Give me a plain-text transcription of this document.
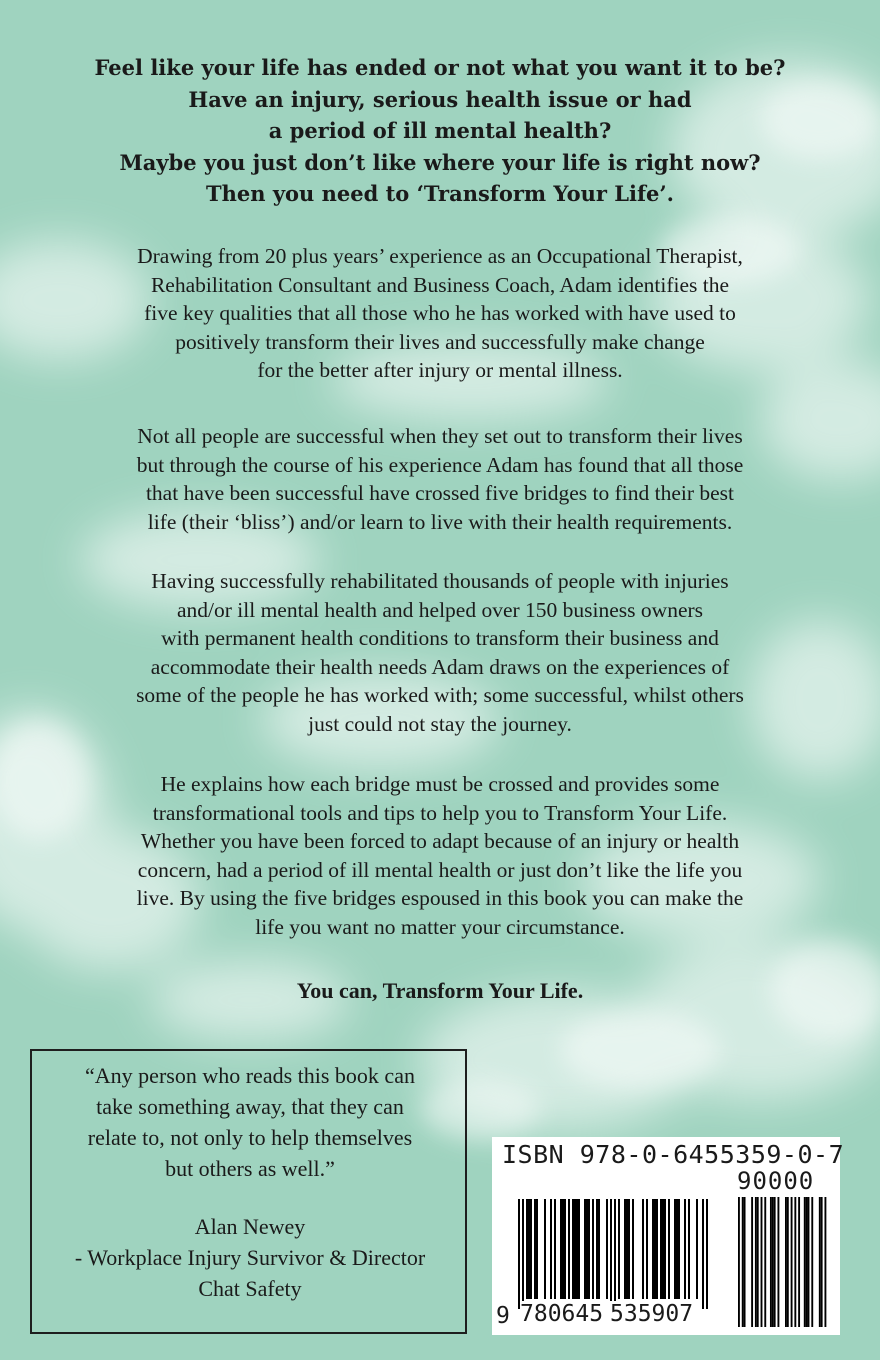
Feel like your life has ended or not what you want it to be?
Have an injury, serious health issue or had
a period of ill mental health?
Maybe you just don’t like where your life is right now?
Then you need to ‘Transform Your Life’.
Drawing from 20 plus years’ experience as an Occupational Therapist,
Rehabilitation Consultant and Business Coach, Adam identifies the
five key qualities that all those who he has worked with have used to
positively transform their lives and successfully make change
for the better after injury or mental illness.
Not all people are successful when they set out to transform their lives
but through the course of his experience Adam has found that all those
that have been successful have crossed five bridges to find their best
life (their ‘bliss’) and/or learn to live with their health requirements.
Having successfully rehabilitated thousands of people with injuries
and/or ill mental health and helped over 150 business owners
with permanent health conditions to transform their business and
accommodate their health needs Adam draws on the experiences of
some of the people he has worked with; some successful, whilst others
just could not stay the journey.
He explains how each bridge must be crossed and provides some
transformational tools and tips to help you to Transform Your Life.
Whether you have been forced to adapt because of an injury or health
concern, had a period of ill mental health or just don’t like the life you
live. By using the five bridges espoused in this book you can make the
life you want no matter your circumstance.
You can, Transform Your Life.
“Any person who reads this book can
take something away, that they can
relate to, not only to help themselves
but others as well.”
Alan Newey
- Workplace Injury Survivor & Director
Chat Safety
ISBN 978-0-6455359-0-7
90000
9 780645 535907
